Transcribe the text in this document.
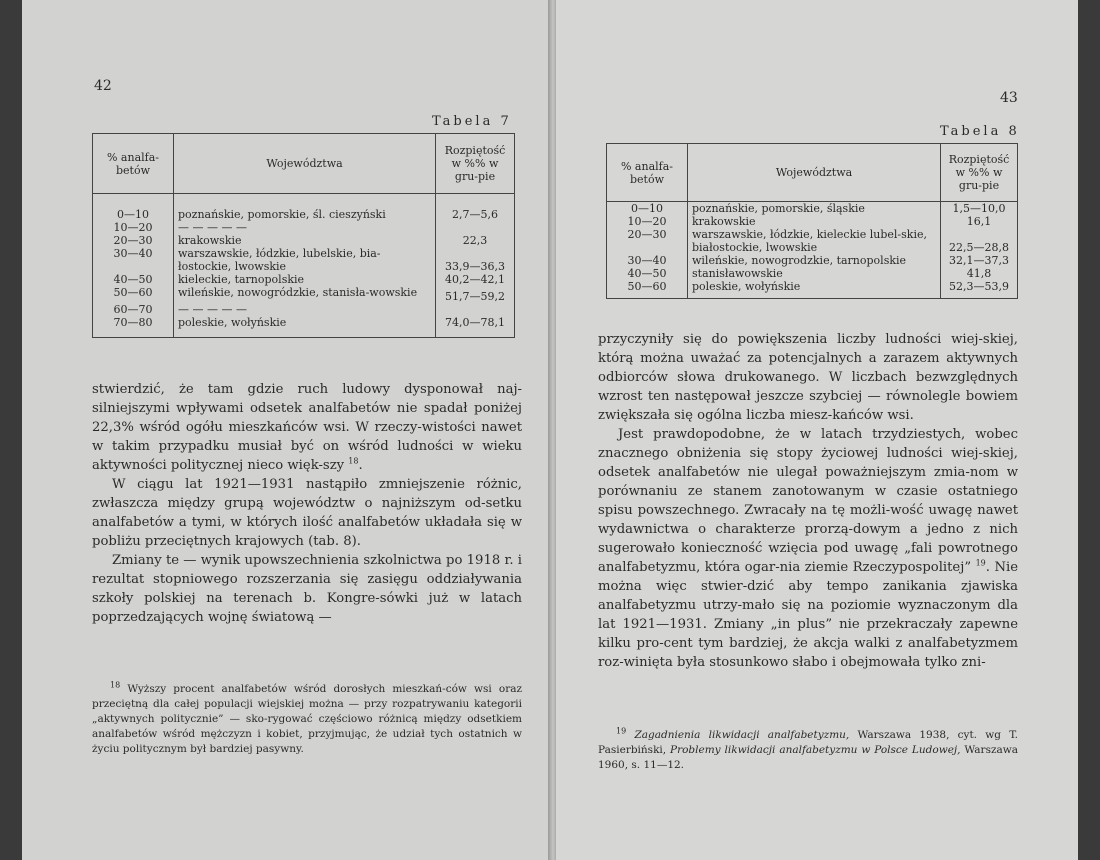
42
Tabela 7
% analfa-betów	Województwa	Rozpiętość w %% w gru-pie

0—10	poznańskie, pomorskie, śl. cieszyński	2,7—5,6
10—20	— — — — —	
20—30	krakowskie	22,3
30—40	warszawskie, łódzkie, lubelskie, bia-łostockie, lwowskie	33,9—36,3
40—50	kieleckie, tarnopolskie	40,2—42,1
50—60	wileńskie, nowogródzkie, stanisła-wowskie	51,7—59,2
60—70	— — — — —	
70—80	poleskie, wołyńskie	74,0—78,1

stwierdzić, że tam gdzie ruch ludowy dysponował naj-silniejszymi wpływami odsetek analfabetów nie spadał poniżej 22,3% wśród ogółu mieszkańców wsi. W rzeczy-wistości nawet w takim przypadku musiał być on wśród ludności w wieku aktywności politycznej nieco więk-szy $^{18}$.

W ciągu lat 1921—1931 nastąpiło zmniejszenie różnic, zwłaszcza między grupą województw o najniższym od-setku analfabetów a tymi, w których ilość analfabetów układała się w pobliżu przeciętnych krajowych (tab. 8).

Zmiany te — wynik upowszechnienia szkolnictwa po 1918 r. i rezultat stopniowego rozszerzania się zasięgu oddziaływania szkoły polskiej na terenach b. Kongre-sówki już w latach poprzedzających wojnę światową —

$^{18}$ Wyższy procent analfabetów wśród dorosłych mieszkań-ców wsi oraz przeciętną dla całej populacji wiejskiej można — przy rozpatrywaniu kategorii „aktywnych politycznie” — sko-rygować częściowo różnicą między odsetkiem analfabetów wśród mężczyzn i kobiet, przyjmując, że udział tych ostatnich w życiu politycznym był bardziej pasywny.

43
Tabela 8
% analfa-betów	Województwa	Rozpiętość w %% w gru-pie
0—10	poznańskie, pomorskie, śląskie	1,5—10,0
10—20	krakowskie	16,1
20—30	warszawskie, łódzkie, kieleckie lubel-skie, białostockie, lwowskie	22,5—28,8
30—40	wileńskie, nowogrodzkie, tarnopolskie	32,1—37,3
40—50	stanisławowskie	41,8
50—60	poleskie, wołyńskie	52,3—53,9

przyczyniły się do powiększenia liczby ludności wiej-skiej, którą można uważać za potencjalnych a zarazem aktywnych odbiorców słowa drukowanego. W liczbach bezwzględnych wzrost ten następował jeszcze szybciej — równolegle bowiem zwiększała się ogólna liczba miesz-kańców wsi.

Jest prawdopodobne, że w latach trzydziestych, wobec znacznego obniżenia się stopy życiowej ludności wiej-skiej, odsetek analfabetów nie ulegał poważniejszym zmia-nom w porównaniu ze stanem zanotowanym w czasie ostatniego spisu powszechnego. Zwracały na tę możli-wość uwagę nawet wydawnictwa o charakterze prorzą-dowym a jedno z nich sugerowało konieczność wzięcia pod uwagę „fali powrotnego analfabetyzmu, która ogar-nia ziemie Rzeczypospolitej” $^{19}$. Nie można więc stwier-dzić aby tempo zanikania zjawiska analfabetyzmu utrzy-mało się na poziomie wyznaczonym dla lat 1921—1931. Zmiany „in plus” nie przekraczały zapewne kilku pro-cent tym bardziej, że akcja walki z analfabetyzmem roz-winięta była stosunkowo słabo i obejmowała tylko zni-

$^{19}$ Zagadnienia likwidacji analfabetyzmu, Warszawa 1938, cyt. wg T. Pasierbiński, Problemy likwidacji analfabetyzmu w Polsce Ludowej, Warszawa 1960, s. 11—12.
